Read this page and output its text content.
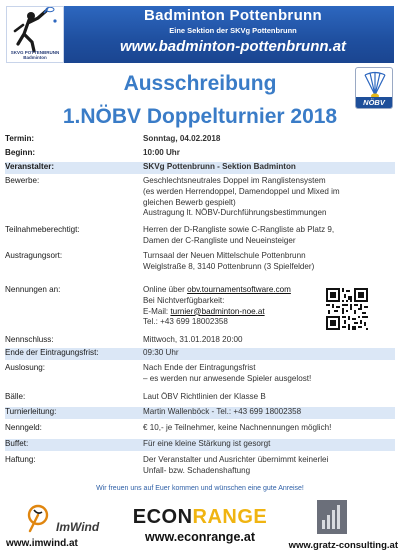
SKVG POTTENBRUNN Badminton
Badminton Pottenbrunn
Eine Sektion der SKVg Pottenbrunn
www.badminton-pottenbrunn.at
NÖBV
Ausschreibung
1.NÖBV Doppelturnier 2018
Termin:	Sonntag, 04.02.2018
Beginn:	10:00 Uhr
Veranstalter:	SKVg Pottenbrunn - Sektion Badminton
Bewerbe:	Geschlechtsneutrales Doppel im Ranglistensystem
(es werden Herrendoppel, Damendoppel und Mixed im
gleichen Bewerb gespielt)
Austragung lt. NÖBV-Durchführungsbestimmungen
Teilnahmeberechtigt:	Herren der D-Rangliste sowie C-Rangliste ab Platz 9,
Damen der C-Rangliste und Neueinsteiger
Austragungsort:	Turnsaal der Neuen Mittelschule Pottenbrunn
Weiglstraße 8, 3140 Pottenbrunn (3 Spielfelder)
Nennungen an:	Online über obv.tournamentsoftware.com
Bei Nichtverfügbarkeit:
E-Mail: turnier@badminton-noe.at
Tel.: +43 699 18002358
Nennschluss:	Mittwoch, 31.01.2018 20:00
Ende der Eintragungsfrist:	09:30 Uhr
Auslosung:	Nach Ende der Eintragungsfrist
– es werden nur anwesende Spieler ausgelost!
Bälle:	Laut ÖBV Richtlinien der Klasse B
Turnierleitung:	Martin Wallenböck - Tel.: +43 699 18002358
Nenngeld:	€ 10,- je Teilnehmer, keine Nachnennungen möglich!
Buffet:	Für eine kleine Stärkung ist gesorgt
Haftung:	Der Veranstalter und Ausrichter übernimmt keinerlei
Unfall- bzw. Schadenshaftung
Wir freuen uns auf Euer kommen und wünschen eine gute Anreise!
ImWind
www.imwind.at
ECONRANGE
www.econrange.at
www.gratz-consulting.at
